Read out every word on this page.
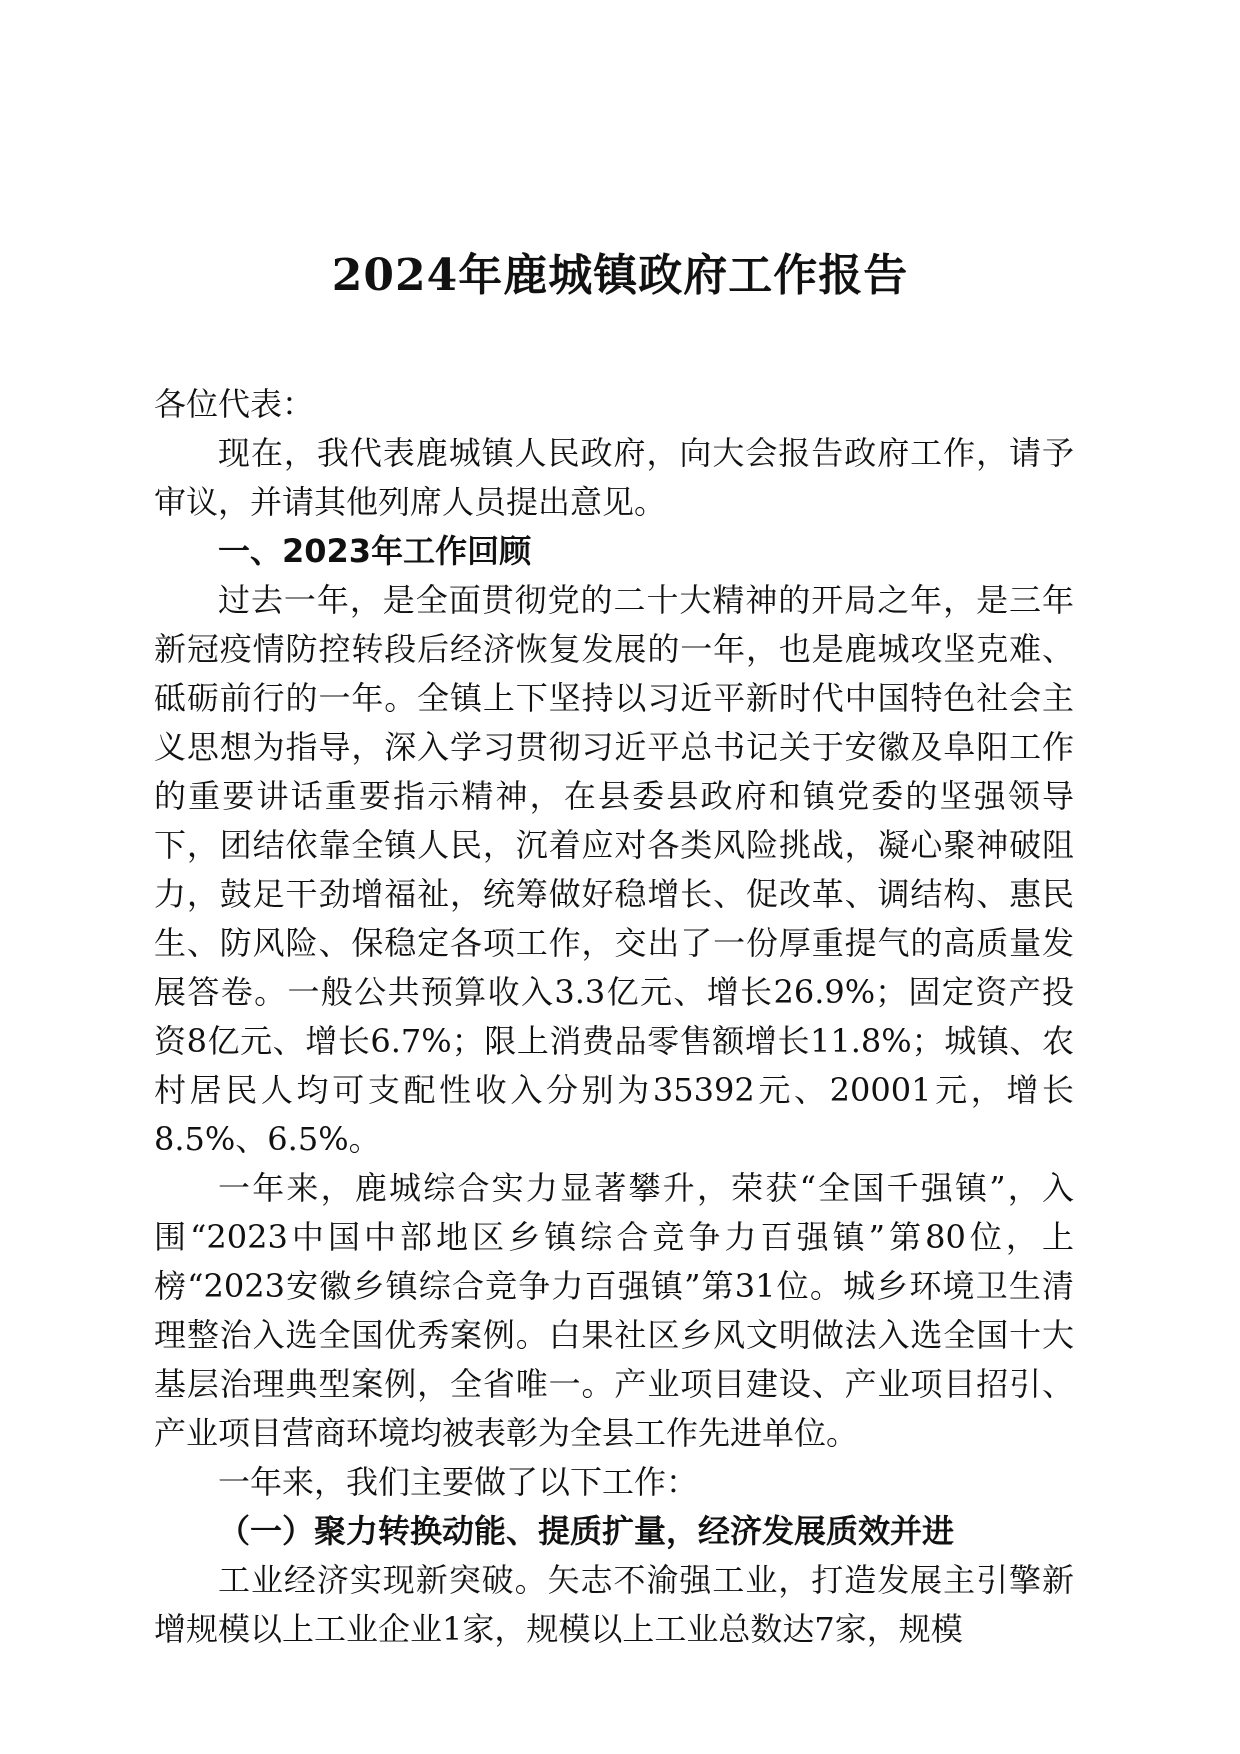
2024年鹿城镇政府工作报告

各位代表：

现在，我代表鹿城镇人民政府，向大会报告政府工作，请予审议，并请其他列席人员提出意见。

一、2023年工作回顾

过去一年，是全面贯彻党的二十大精神的开局之年，是三年新冠疫情防控转段后经济恢复发展的一年，也是鹿城攻坚克难、砥砺前行的一年。全镇上下坚持以习近平新时代中国特色社会主义思想为指导，深入学习贯彻习近平总书记关于安徽及阜阳工作的重要讲话重要指示精神，在县委县政府和镇党委的坚强领导下，团结依靠全镇人民，沉着应对各类风险挑战，凝心聚神破阻力，鼓足干劲增福祉，统筹做好稳增长、促改革、调结构、惠民生、防风险、保稳定各项工作，交出了一份厚重提气的高质量发展答卷。一般公共预算收入3.3亿元、增长26.9%；固定资产投资8亿元、增长6.7%；限上消费品零售额增长11.8%；城镇、农村居民人均可支配性收入分别为35392元、20001元，增长8.5%、6.5%。

一年来，鹿城综合实力显著攀升，荣获“全国千强镇”，入围“2023中国中部地区乡镇综合竞争力百强镇”第80位，上榜“2023安徽乡镇综合竞争力百强镇”第31位。城乡环境卫生清理整治入选全国优秀案例。白果社区乡风文明做法入选全国十大基层治理典型案例，全省唯一。产业项目建设、产业项目招引、产业项目营商环境均被表彰为全县工作先进单位。

一年来，我们主要做了以下工作：

（一）聚力转换动能、提质扩量，经济发展质效并进

工业经济实现新突破。矢志不渝强工业，打造发展主引擎新增规模以上工业企业1家，规模以上工业总数达7家，规模
